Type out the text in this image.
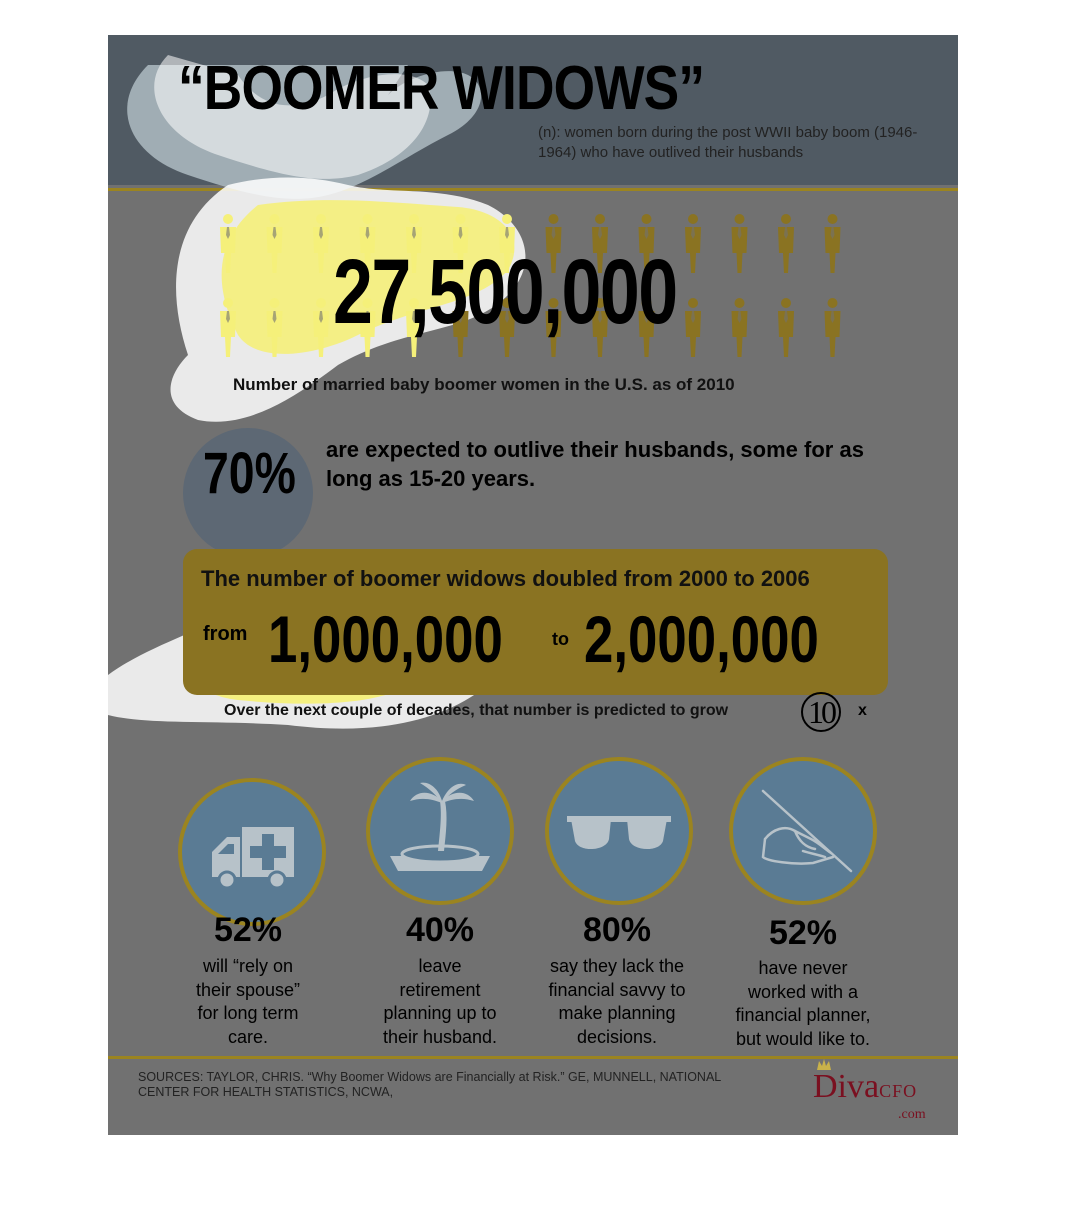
“BOOMER WIDOWS”
(n): women born during the post WWII baby boom (1946-1964) who have outlived their husbands
27,500,000
Number of married baby boomer women in the U.S. as of 2010
70% are expected to outlive their husbands, some for as long as 15-20 years.
The number of boomer widows doubled from 2000 to 2006
from 1,000,000	to 2,000,000
Over the next couple of decades, that number is predicted to grow 10	x
52%
will “rely on
their spouse”
for long term
care.
40%
leave
retirement
planning up to
their husband.
80%
say they lack the
financial savvy to
make planning
decisions.
52%
have never
worked with a
financial planner,
but would like to.
SOURCES: TAYLOR, CHRIS. “Why Boomer Widows are Financially at Risk.” GE, MUNNELL, NATIONAL CENTER FOR HEALTH STATISTICS, NCWA,	DivaCFO
.com
